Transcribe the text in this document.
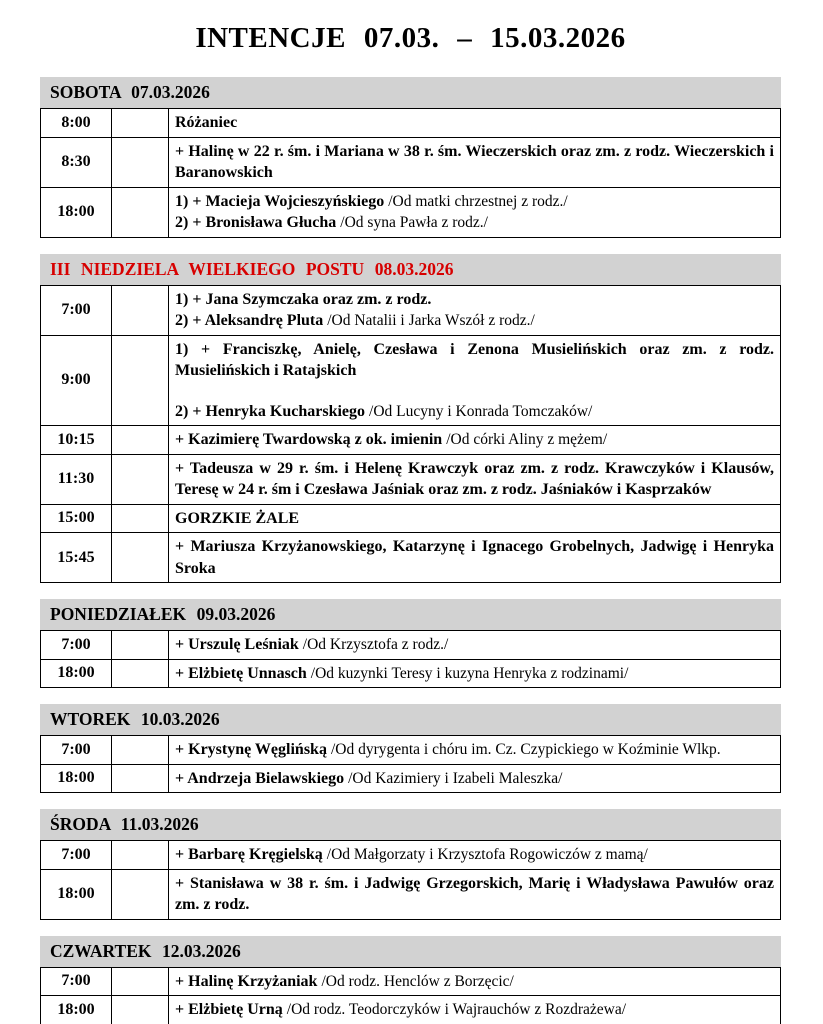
INTENCJE 07.03. – 15.03.2026
SOBOTA 07.03.2026
8:00		Różaniec

8:30		+ Halinę w 22 r. śm. i Mariana w 38 r. śm. Wieczerskich oraz zm. z rodz. Wieczerskich i Baranowskich

18:00		1) + Macieja Wojcieszyńskiego /Od matki chrzestnej z rodz./
2) + Bronisława Głucha /Od syna Pawła z rodz./
III NIEDZIELA WIELKIEGO POSTU 08.03.2026
7:00		1) + Jana Szymczaka oraz zm. z rodz.
2) + Aleksandrę Pluta /Od Natalii i Jarka Wszół z rodz./

9:00		1) + Franciszkę, Anielę, Czesława i Zenona Musielińskich oraz zm. z rodz. Musielińskich i Ratajskich
2) + Henryka Kucharskiego /Od Lucyny i Konrada Tomczaków/

10:15		+ Kazimierę Twardowską z ok. imienin /Od córki Aliny z mężem/

11:30		+ Tadeusza w 29 r. śm. i Helenę Krawczyk oraz zm. z rodz. Krawczyków i Klausów, Teresę w 24 r. śm i Czesława Jaśniak oraz zm. z rodz. Jaśniaków i Kasprzaków

15:00		GORZKIE ŻALE

15:45		+ Mariusza Krzyżanowskiego, Katarzynę i Ignacego Grobelnych, Jadwigę i Henryka Sroka
PONIEDZIAŁEK 09.03.2026
7:00		+ Urszulę Leśniak /Od Krzysztofa z rodz./

18:00		+ Elżbietę Unnasch /Od kuzynki Teresy i kuzyna Henryka z rodzinami/
WTOREK 10.03.2026
7:00		+ Krystynę Węglińską /Od dyrygenta i chóru im. Cz. Czypickiego w Koźminie Wlkp.

18:00		+ Andrzeja Bielawskiego /Od Kazimiery i Izabeli Maleszka/
ŚRODA 11.03.2026
7:00		+ Barbarę Kręgielską /Od Małgorzaty i Krzysztofa Rogowiczów z mamą/

18:00		+ Stanisława w 38 r. śm. i Jadwigę Grzegorskich, Marię i Władysława Pawułów oraz zm. z rodz.
CZWARTEK 12.03.2026
7:00		+ Halinę Krzyżaniak /Od rodz. Henclów z Borzęcic/

18:00		+ Elżbietę Urną /Od rodz. Teodorczyków i Wajrauchów z Rozdrażewa/
